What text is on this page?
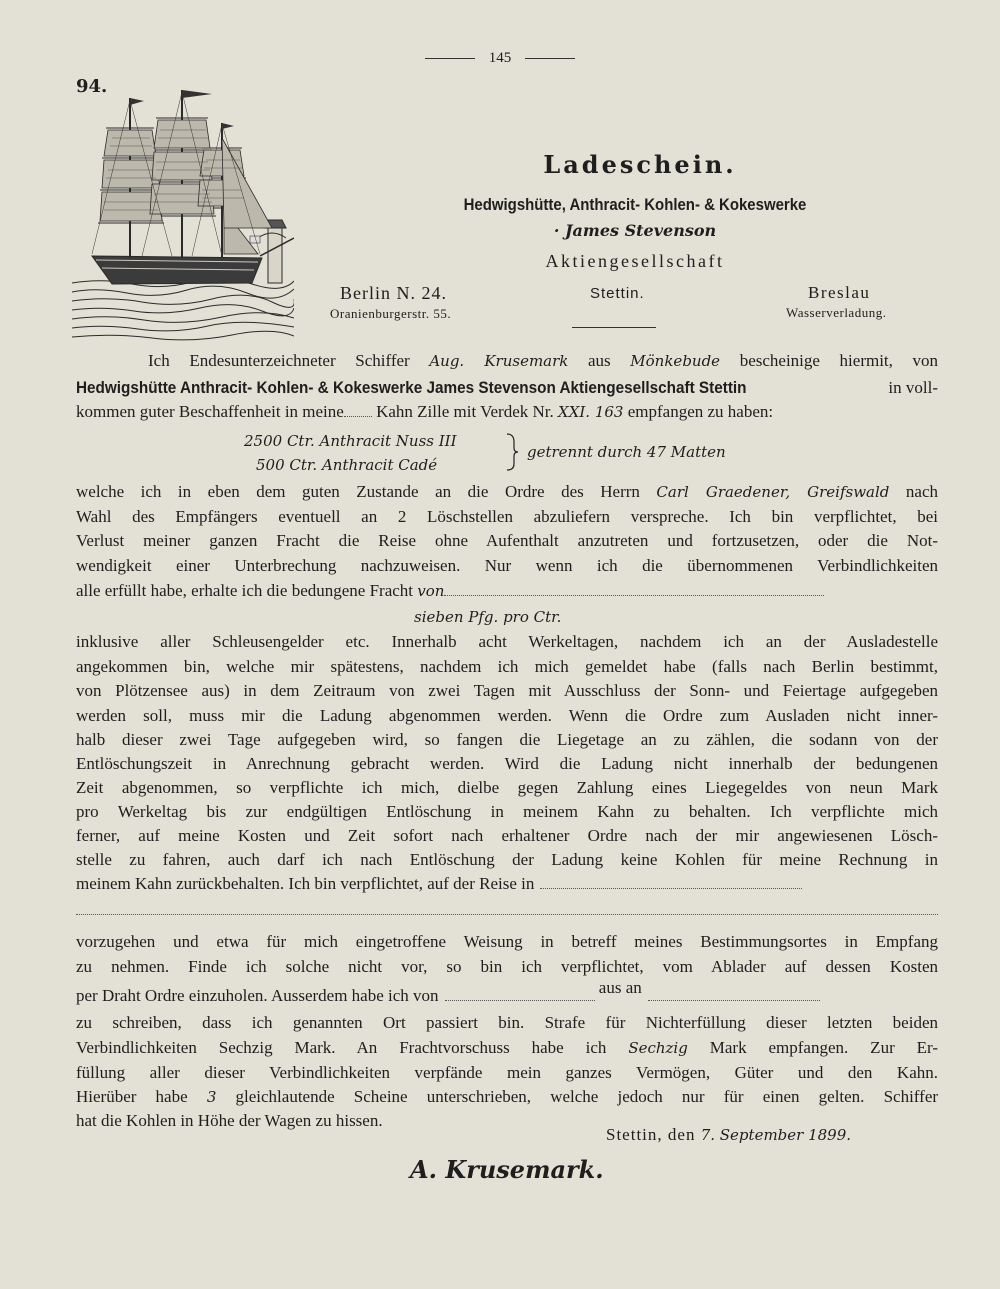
145
94.
Ladeschein.
Hedwigshütte, Anthracit- Kohlen- & Kokeswerke
· James Stevenson
Aktiengesellschaft
Berlin N. 24.
Oranienburgerstr. 55.
Stettin.	Breslau
Wasserverladung.
Ich Endesunterzeichneter Schiffer Aug. Krusemark aus Mönkebude bescheinige hiermit, von
Hedwigshütte Anthracit- Kohlen- & Kokeswerke James Stevenson Aktiengesellschaft Stettin	in voll-
kommen guter Beschaffenheit in meine Kahn Zille mit Verdek Nr. XXI. 163 empfangen zu haben:
2500 Ctr. Anthracit Nuss III
500 Ctr. Anthracit Cadé
getrennt durch 47 Matten
welche ich in eben dem guten Zustande an die Ordre des Herrn Carl Graedener, Greifswald nach
Wahl des Empfängers eventuell an 2 Löschstellen abzuliefern verspreche. Ich bin verpflichtet, bei
Verlust meiner ganzen Fracht die Reise ohne Aufenthalt anzutreten und fortzusetzen, oder die Not-
wendigkeit einer Unterbrechung nachzuweisen. Nur wenn ich die übernommenen Verbindlichkeiten
alle erfüllt habe, erhalte ich die bedungene Fracht von
sieben Pfg. pro Ctr.
inklusive aller Schleusengelder etc. Innerhalb acht Werkeltagen, nachdem ich an der Ausladestelle
angekommen bin, welche mir spätestens, nachdem ich mich gemeldet habe (falls nach Berlin bestimmt,
von Plötzensee aus) in dem Zeitraum von zwei Tagen mit Ausschluss der Sonn- und Feiertage aufgegeben
werden soll, muss mir die Ladung abgenommen werden. Wenn die Ordre zum Ausladen nicht inner-
halb dieser zwei Tage aufgegeben wird, so fangen die Liegetage an zu zählen, die sodann von der
Entlöschungszeit in Anrechnung gebracht werden. Wird die Ladung nicht innerhalb der bedungenen
Zeit abgenommen, so verpflichte ich mich, dielbe gegen Zahlung eines Liegegeldes von neun Mark
pro Werkeltag bis zur endgültigen Entlöschung in meinem Kahn zu behalten. Ich verpflichte mich
ferner, auf meine Kosten und Zeit sofort nach erhaltener Ordre nach der mir angewiesenen Lösch-
stelle zu fahren, auch darf ich nach Entlöschung der Ladung keine Kohlen für meine Rechnung in
meinem Kahn zurückbehalten. Ich bin verpflichtet, auf der Reise in
vorzugehen und etwa für mich eingetroffene Weisung in betreff meines Bestimmungsortes in Empfang
zu nehmen. Finde ich solche nicht vor, so bin ich verpflichtet, vom Ablader auf dessen Kosten
per Draht Ordre einzuholen. Ausserdem habe ich von	aus an
zu schreiben, dass ich genannten Ort passiert bin. Strafe für Nichterfüllung dieser letzten beiden
Verbindlichkeiten Sechzig Mark. An Frachtvorschuss habe ich Sechzig Mark empfangen. Zur Er-
füllung aller dieser Verbindlichkeiten verpfände mein ganzes Vermögen, Güter und den Kahn.
Hierüber habe 3 gleichlautende Scheine unterschrieben, welche jedoch nur für einen gelten. Schiffer
hat die Kohlen in Höhe der Wagen zu hissen.
Stettin, den 7. September 1899.
A. Krusemark.
